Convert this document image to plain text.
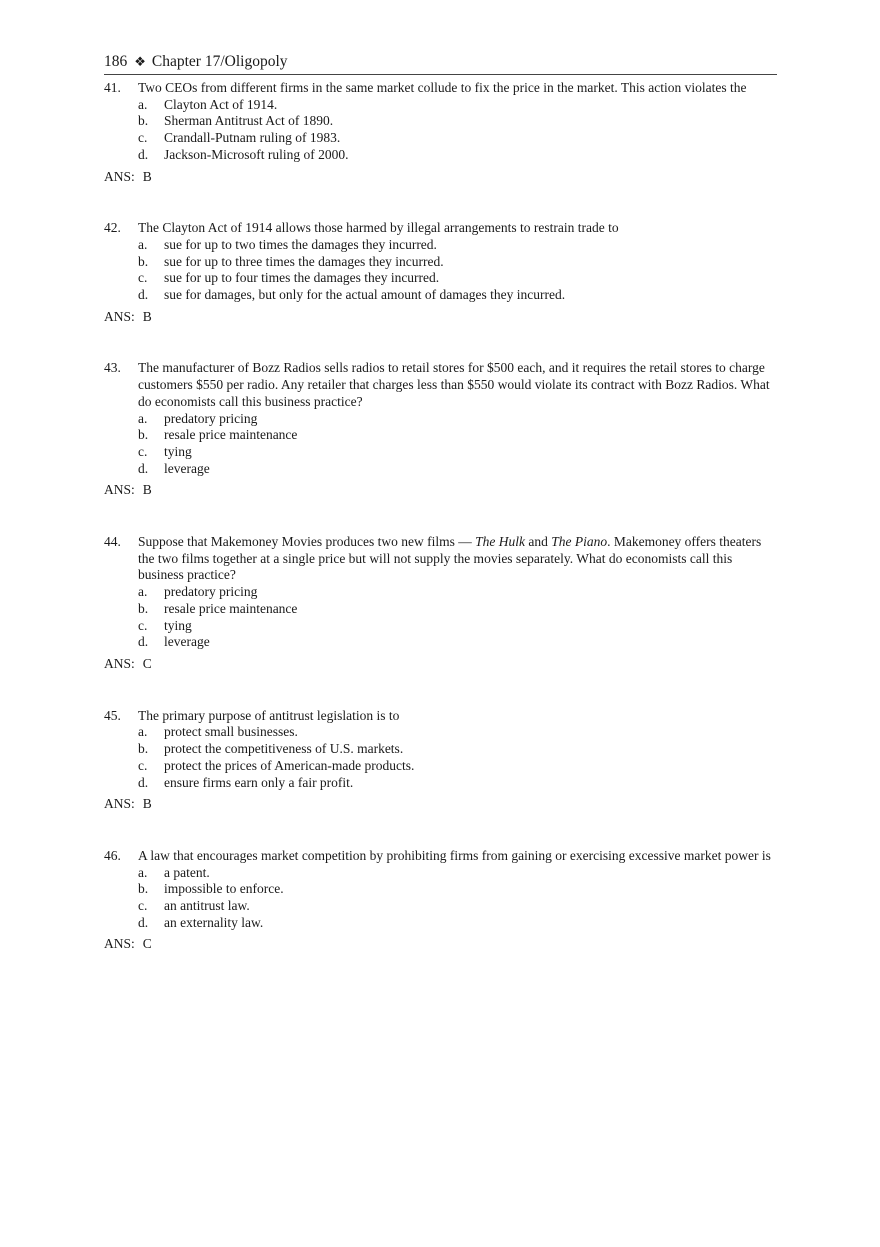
186 ❖ Chapter 17/Oligopoly
41. Two CEOs from different firms in the same market collude to fix the price in the market. This action violates the
a. Clayton Act of 1914.
b. Sherman Antitrust Act of 1890.
c. Crandall-Putnam ruling of 1983.
d. Jackson-Microsoft ruling of 2000.
ANS: B
42. The Clayton Act of 1914 allows those harmed by illegal arrangements to restrain trade to
a. sue for up to two times the damages they incurred.
b. sue for up to three times the damages they incurred.
c. sue for up to four times the damages they incurred.
d. sue for damages, but only for the actual amount of damages they incurred.
ANS: B
43. The manufacturer of Bozz Radios sells radios to retail stores for $500 each, and it requires the retail stores to charge customers $550 per radio. Any retailer that charges less than $550 would violate its contract with Bozz Radios. What do economists call this business practice?
a. predatory pricing
b. resale price maintenance
c. tying
d. leverage
ANS: B
44. Suppose that Makemoney Movies produces two new films — The Hulk and The Piano. Makemoney offers theaters the two films together at a single price but will not supply the movies separately. What do economists call this business practice?
a. predatory pricing
b. resale price maintenance
c. tying
d. leverage
ANS: C
45. The primary purpose of antitrust legislation is to
a. protect small businesses.
b. protect the competitiveness of U.S. markets.
c. protect the prices of American-made products.
d. ensure firms earn only a fair profit.
ANS: B
46. A law that encourages market competition by prohibiting firms from gaining or exercising excessive market power is
a. a patent.
b. impossible to enforce.
c. an antitrust law.
d. an externality law.
ANS: C
